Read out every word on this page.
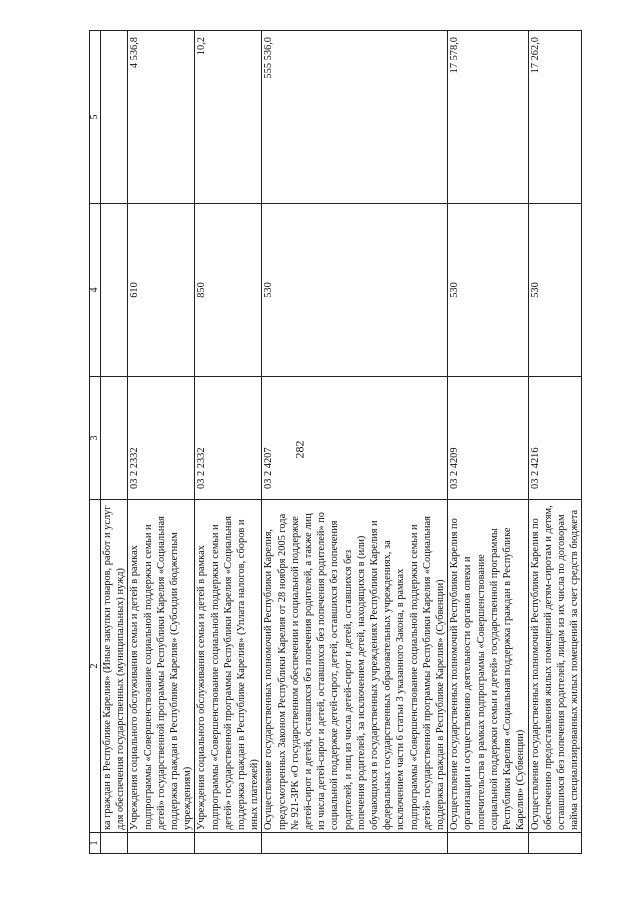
282
1	2	3	4	5
	ка граждан в Республике Карелия» (Иные закупки товаров, работ и услуг для обеспечения государственных (муниципальных) нужд)			
	Учреждения социального обслуживания семьи и детей в рамках подпрограммы «Совершенствование социальной поддержки семьи и детей» государственной программы Республики Карелия «Социальная поддержка граждан в Республике Карелия» (Субсидии бюджетным учреждениям)	03 2 2332	610	4 536,8
	Учреждения социального обслуживания семьи и детей в рамках подпрограммы «Совершенствование социальной поддержки семьи и детей» государственной программы Республики Карелия «Социальная поддержка граждан в Республике Карелия» (Уплата налогов, сборов и иных платежей)	03 2 2332	850	10,2
	Осуществление государственных полномочий Республики Карелия, предусмотренных Законом Республики Карелия от 28 ноября 2005 года № 921-ЗРК «О государственном обеспечении и социальной поддержке детей-сирот и детей, оставшихся без попечения родителей, а также лиц из числа детей-сирот и детей, оставшихся без попечения родителей» по социальной поддержке детей-сирот, детей, оставшихся без попечения родителей, и лиц из числа детей-сирот и детей, оставшихся без попечения родителей, за исключением детей, находящихся в (или) обучающихся в государственных учреждениях Республики Карелия и федеральных государственных образовательных учреждениях, за исключением части 6 статьи 3 указанного Закона, в рамках подпрограммы «Совершенствование социальной поддержки семьи и детей» государственной программы Республики Карелия «Социальная поддержка граждан в Республике Карелия» (Субвенции)	03 2 4207	530	555 536,0
	Осуществление государственных полномочий Республики Карелия по организации и осуществлению деятельности органов опеки и попечительства в рамках подпрограммы «Совершенствование социальной поддержки семьи и детей» государственной программы Республики Карелия «Социальная поддержка граждан в Республике Карелия» (Субвенции)	03 2 4209	530	17 578,0
	Осуществление государственных полномочий Республики Карелия по обеспечению предоставления жилых помещений детям-сиротам и детям, оставшимся без попечения родителей, лицам из их числа по договорам найма специализированных жилых помещений за счет средств бюджета	03 2 4216	530	17 262,0
